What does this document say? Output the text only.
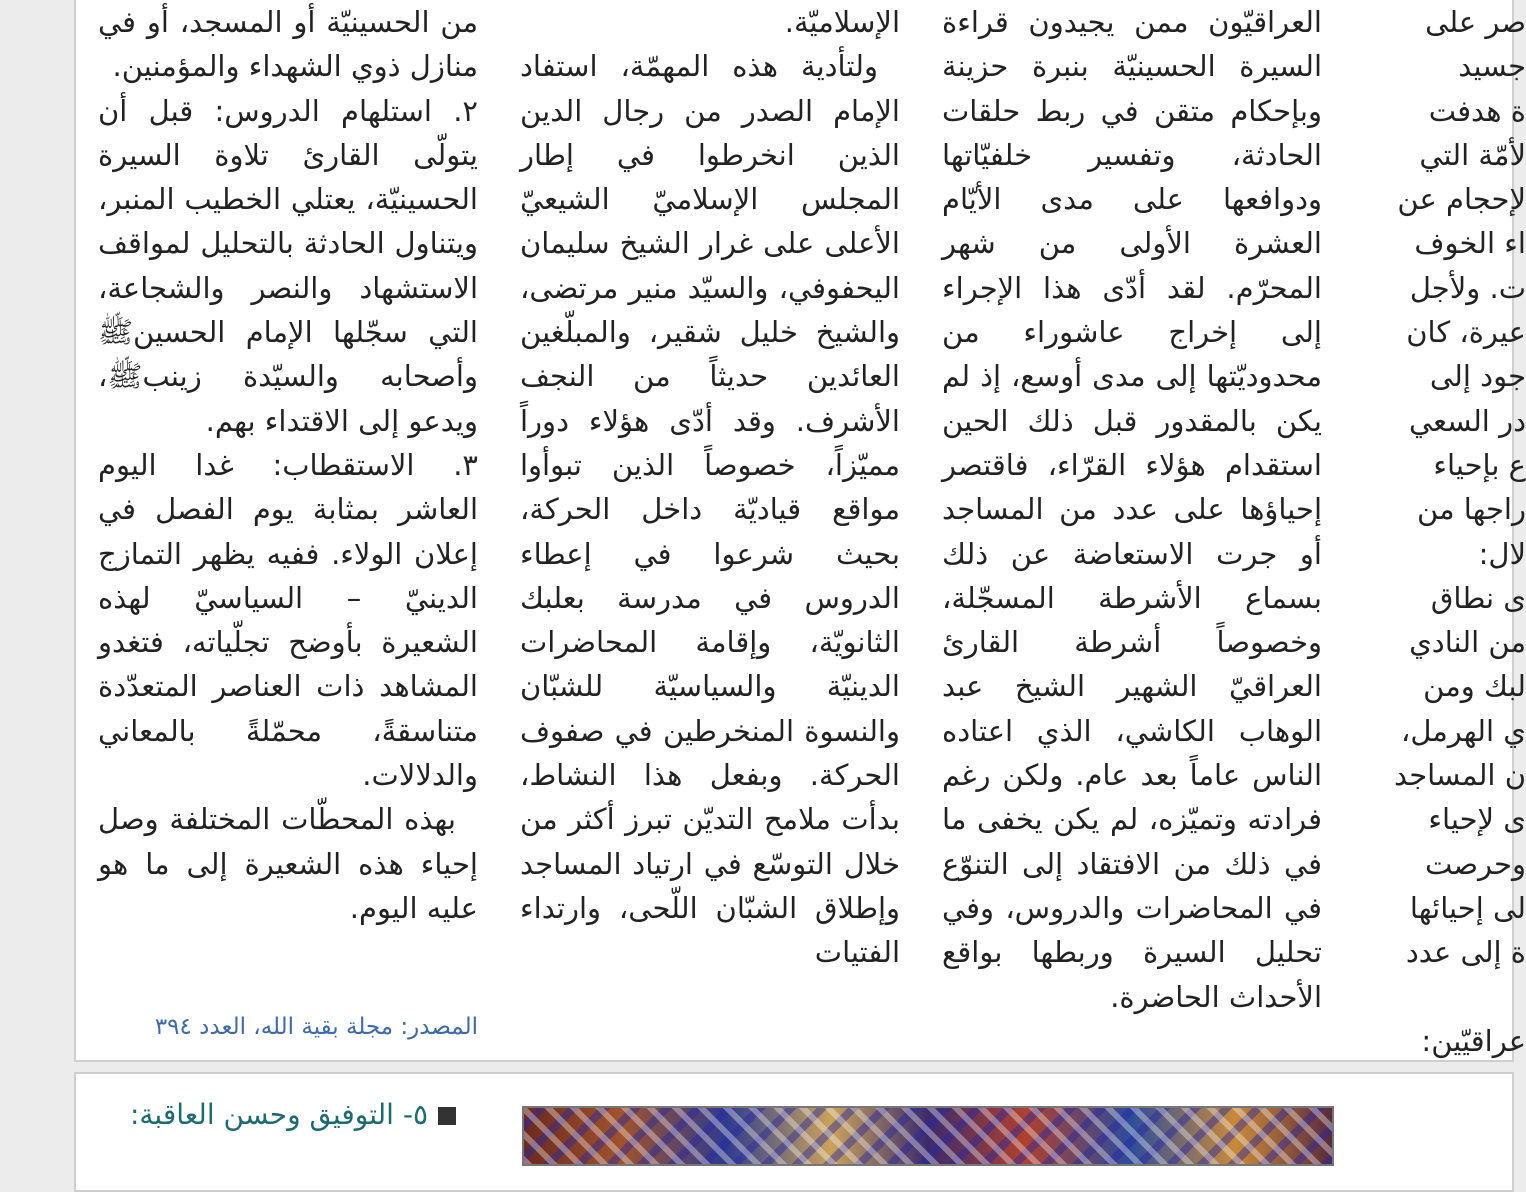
صر على
جسيد
ة هدفت
لأمّة التي
لإحجام عن
اء الخوف
ت. ولأجل
عيرة، كان
جود إلى
در السعي
ع بإحياء
راجها من
لال:
ى نطاق
من النادي
لبك ومن
ي الهرمل،
ن المساجد
ى لإحياء
وحرصت
لى إحيائها
ة إلى عدد
عراقيّين:

العراقيّون ممن يجيدون قراءة السيرة الحسينيّة بنبرة حزينة وبإحكام متقن في ربط حلقات الحادثة، وتفسير خلفيّاتها ودوافعها على مدى الأيّام العشرة الأولى من شهر المحرّم. لقد أدّى هذا الإجراء إلى إخراج عاشوراء من محدوديّتها إلى مدى أوسع، إذ لم يكن بالمقدور قبل ذلك الحين استقدام هؤلاء القرّاء، فاقتصر إحياؤها على عدد من المساجد أو جرت الاستعاضة عن ذلك بسماع الأشرطة المسجّلة، وخصوصاً أشرطة القارئ العراقيّ الشهير الشيخ عبد الوهاب الكاشي، الذي اعتاده الناس عاماً بعد عام. ولكن رغم فرادته وتميّزه، لم يكن يخفى ما في ذلك من الافتقاد إلى التنوّع في المحاضرات والدروس، وفي تحليل السيرة وربطها بواقع الأحداث الحاضرة.

الإسلاميّة.

ولتأدية هذه المهمّة، استفاد الإمام الصدر من رجال الدين الذين انخرطوا في إطار المجلس الإسلاميّ الشيعيّ الأعلى على غرار الشيخ سليمان اليحفوفي، والسيّد منير مرتضى، والشيخ خليل شقير، والمبلّغين العائدين حديثاً من النجف الأشرف. وقد أدّى هؤلاء دوراً مميّزاً، خصوصاً الذين تبوأوا مواقع قياديّة داخل الحركة، بحيث شرعوا في إعطاء الدروس في مدرسة بعلبك الثانويّة، وإقامة المحاضرات الدينيّة والسياسيّة للشبّان والنسوة المنخرطين في صفوف الحركة. وبفعل هذا النشاط، بدأت ملامح التديّن تبرز أكثر من خلال التوسّع في ارتياد المساجد وإطلاق الشبّان اللّحى، وارتداء الفتيات

من الحسينيّة أو المسجد، أو في منازل ذوي الشهداء والمؤمنين.

٢. استلهام الدروس: قبل أن يتولّى القارئ تلاوة السيرة الحسينيّة، يعتلي الخطيب المنبر، ويتناول الحادثة بالتحليل لمواقف الاستشهاد والنصر والشجاعة، التي سجّلها الإمام الحسينﷺ وأصحابه والسيّدة زينبﷺ، ويدعو إلى الاقتداء بهم.

٣. الاستقطاب: غدا اليوم العاشر بمثابة يوم الفصل في إعلان الولاء. ففيه يظهر التمازج الدينيّ – السياسيّ لهذه الشعيرة بأوضح تجلّياته، فتغدو المشاهد ذات العناصر المتعدّدة متناسقةً، محمّلةً بالمعاني والدلالات.

بهذه المحطّات المختلفة وصل إحياء هذه الشعيرة إلى ما هو عليه اليوم.

المصدر: مجلة بقية الله، العدد ٣٩٤
٥- التوفيق وحسن العاقبة:
